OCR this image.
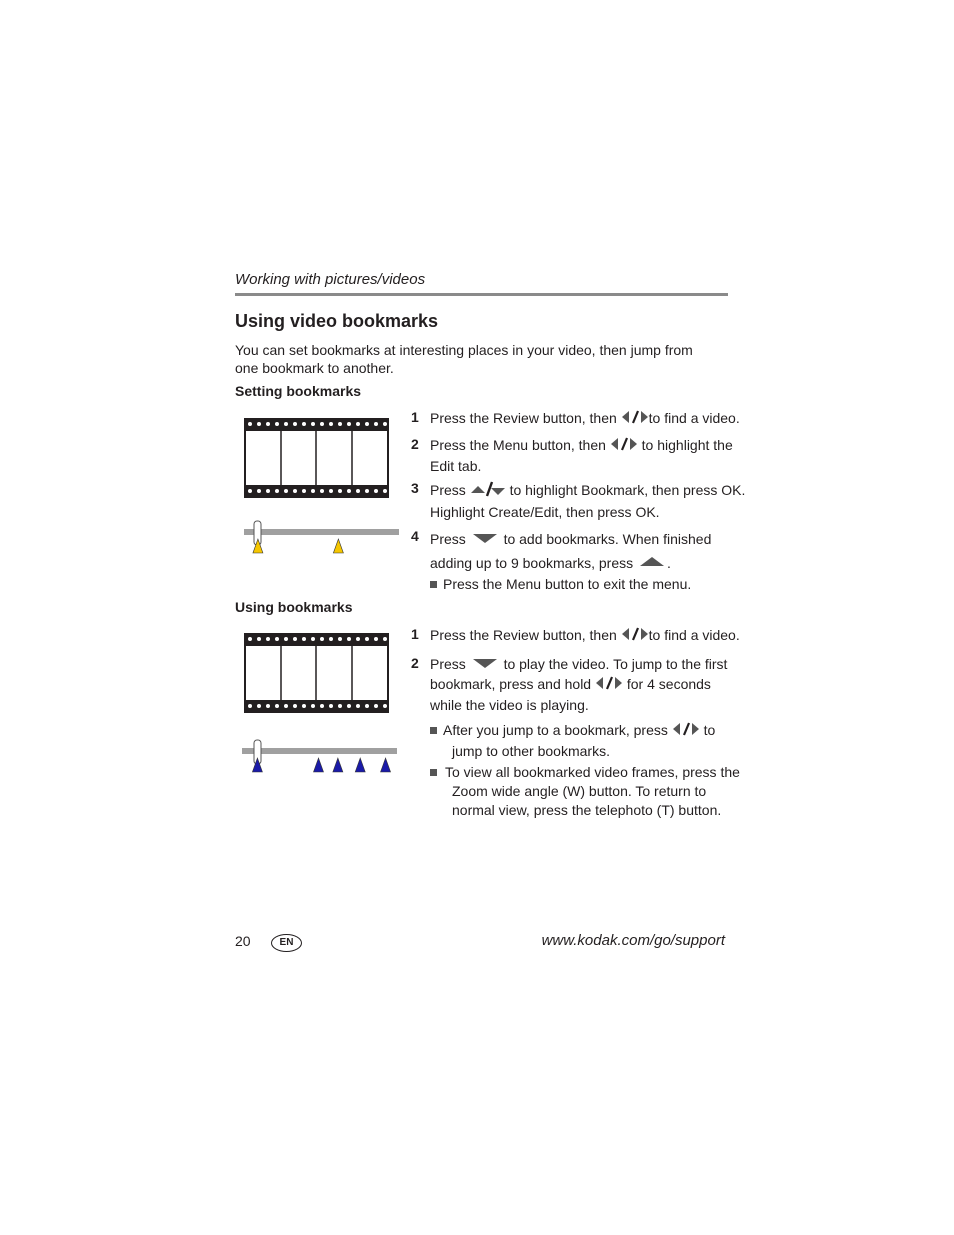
Working with pictures/videos
Using video bookmarks
You can set bookmarks at interesting places in your video, then jump from one bookmark to another.
Setting bookmarks
1 Press the Review button, then to find a video.
2 Press the Menu button, then	to highlight the
Edit tab.
3 Press	to highlight Bookmark, then press OK.
Highlight Create/Edit, then press OK.
4 Press	to add bookmarks. When finished
adding up to 9 bookmarks, press .
Press the Menu button to exit the menu.
Using bookmarks
1 Press the Review button, then to find a video.
2 Press	to play the video. To jump to the first
bookmark, press and hold	for 4 seconds
while the video is playing.
After you jump to a bookmark, press	to
jump to other bookmarks.
To view all bookmarked video frames, press the
Zoom wide angle (W) button. To return to
normal view, press the telephoto (T) button.
20	EN	www.kodak.com/go/support
